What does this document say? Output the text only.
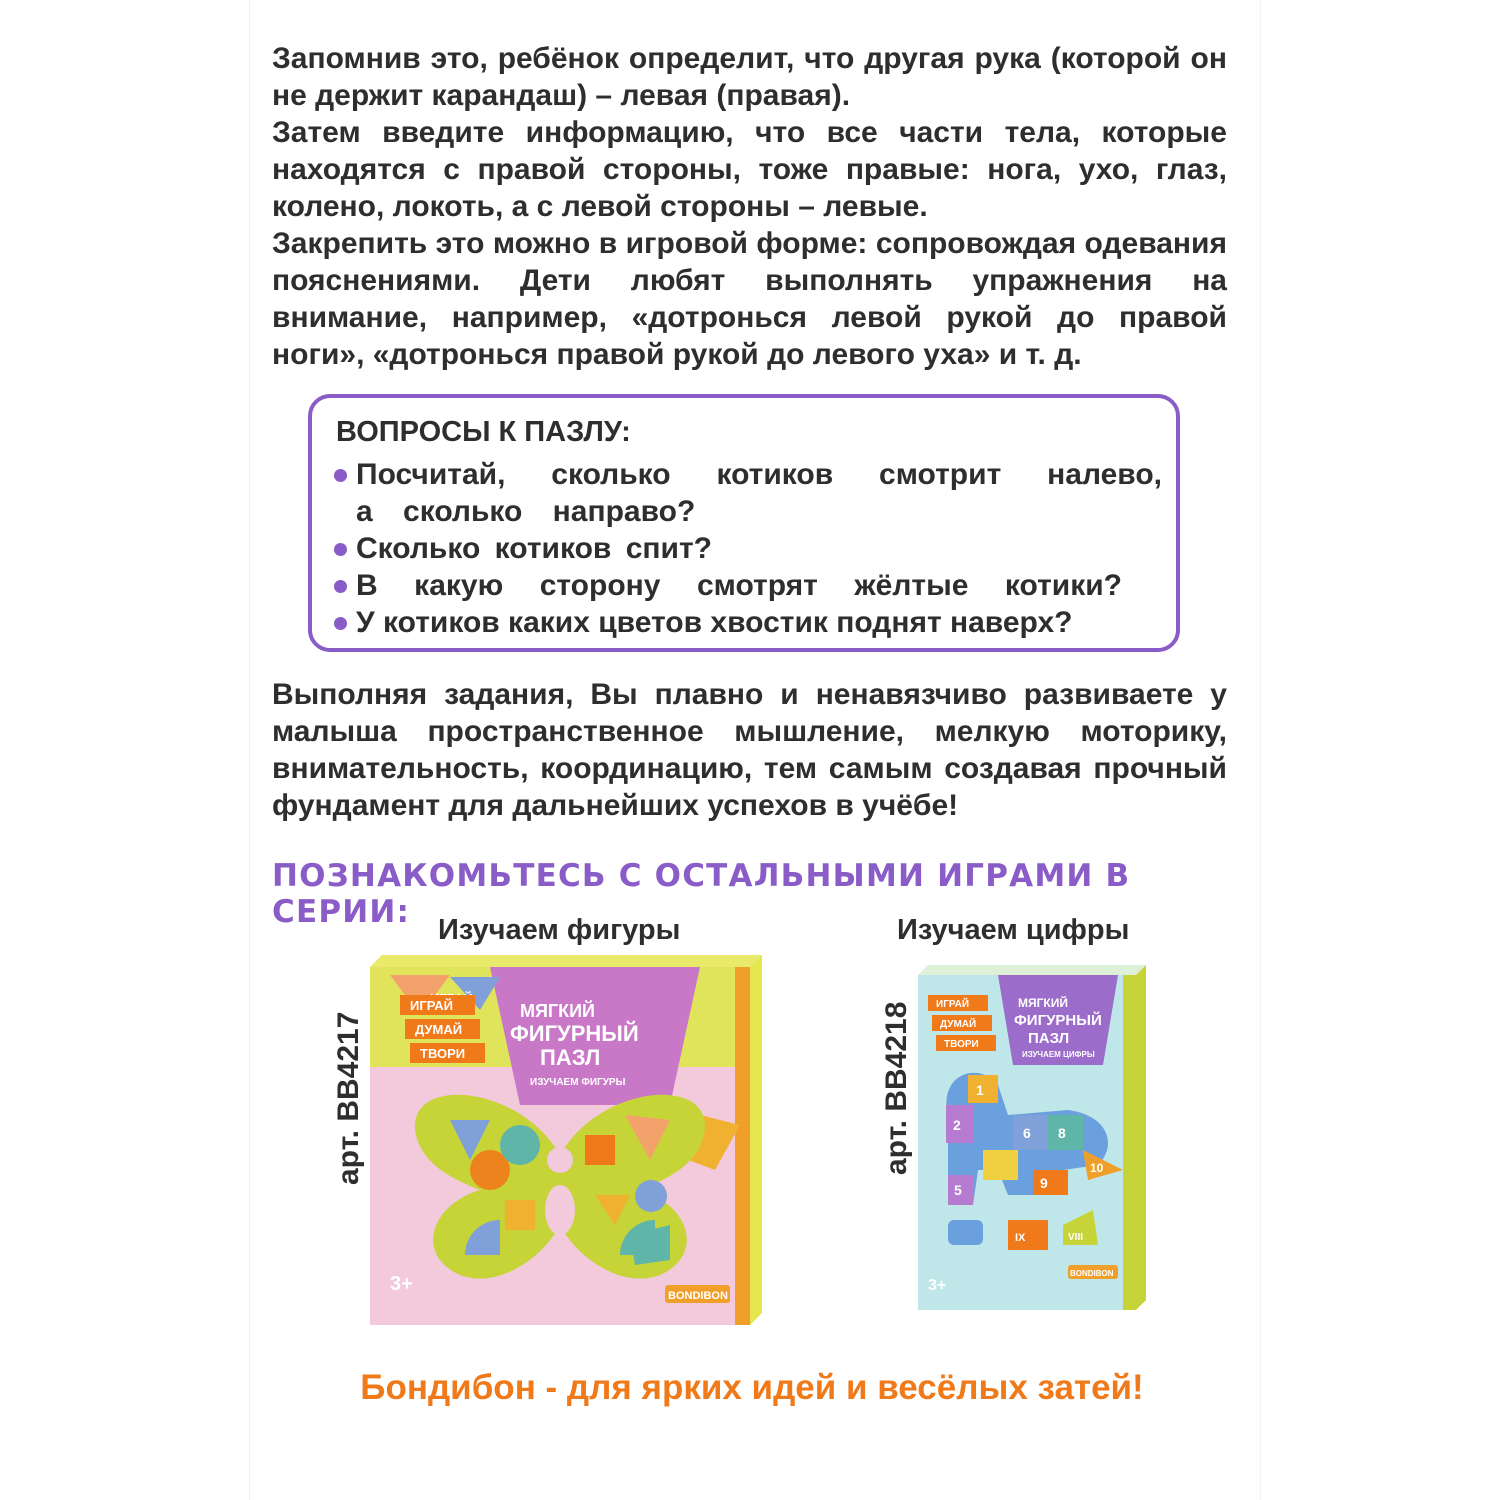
Запомнив это, ребёнок определит, что другая рука (которой он не держит карандаш) – левая (правая).

Затем введите информацию, что все части тела, которые находятся с правой стороны, тоже правые: нога, ухо, глаз, колено, локоть, а с левой стороны – левые.

Закрепить это можно в игровой форме: сопровождая одевания пояснениями. Дети любят выполнять упражнения на внимание, например, «дотронься левой рукой до правой ноги», «дотронься правой рукой до левого уха» и т. д.

ВОПРОСЫ К ПАЗЛУ:
Посчитай, сколько котиков смотрит налево,
а сколько направо?
Сколько котиков спит?
В какую сторону смотрят жёлтые котики?
У котиков каких цветов хвостик поднят наверх?

Выполняя задания, Вы плавно и ненавязчиво развиваете у малыша пространственное мышление, мелкую моторику, внимательность, координацию, тем самым создавая прочный фундамент для дальнейших успехов в учёбе!

ПОЗНАКОМЬТЕСЬ С ОСТАЛЬНЫМИ ИГРАМИ В СЕРИИ: Изучаем фигуры
арт. ВВ4217
ИГРАЙ
ДУМАЙ
ТВОРИ
МЯГКИЙ
ФИГУРНЫЙ
ПАЗЛ
ИЗУЧАЕМ ФИГУРЫ
3+
BONDIBON
Изучаем цифры
арт. ВВ4218 ИГРАЙ
ДУМАЙ
ТВОРИ
МЯГКИЙ
ФИГУРНЫЙ
ПАЗЛ
ИЗУЧАЕМ ЦИФРЫ
1
2	6 8
5	9
10
IX	VIII
3+
BONDIBON
Бондибон - для ярких идей и весёлых затей!
